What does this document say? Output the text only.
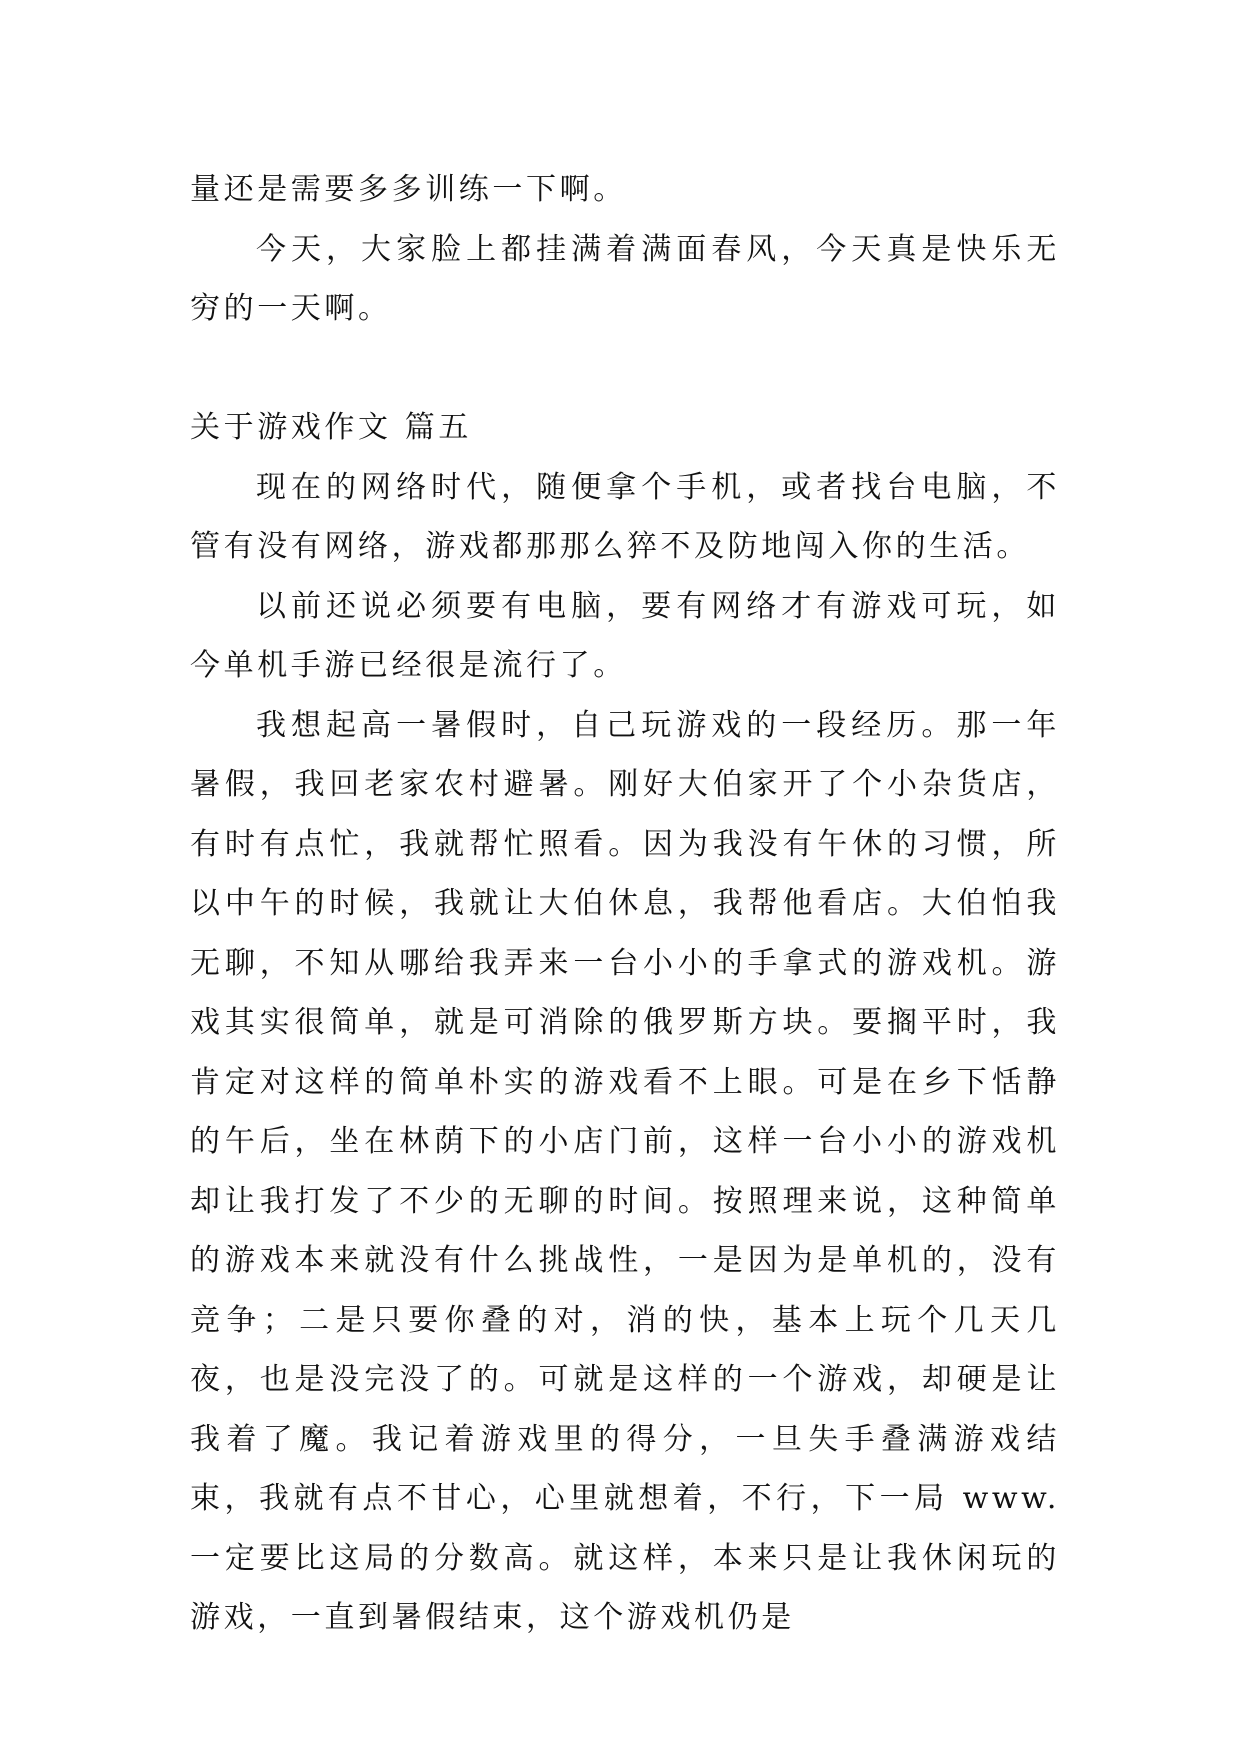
量还是需要多多训练一下啊。

今天，大家脸上都挂满着满面春风，今天真是快乐无穷的一天啊。

关于游戏作文 篇五

现在的网络时代，随便拿个手机，或者找台电脑，不管有没有网络，游戏都那那么猝不及防地闯入你的生活。

以前还说必须要有电脑，要有网络才有游戏可玩，如今单机手游已经很是流行了。

我想起高一暑假时，自己玩游戏的一段经历。那一年暑假，我回老家农村避暑。刚好大伯家开了个小杂货店，有时有点忙，我就帮忙照看。因为我没有午休的习惯，所以中午的时候，我就让大伯休息，我帮他看店。大伯怕我无聊，不知从哪给我弄来一台小小的手拿式的游戏机。游戏其实很简单，就是可消除的俄罗斯方块。要搁平时，我肯定对这样的简单朴实的游戏看不上眼。可是在乡下恬静的午后，坐在林荫下的小店门前，这样一台小小的游戏机却让我打发了不少的无聊的时间。按照理来说，这种简单的游戏本来就没有什么挑战性，一是因为是单机的，没有竞争；二是只要你叠的对，消的快，基本上玩个几天几夜，也是没完没了的。可就是这样的一个游戏，却硬是让我着了魔。我记着游戏里的得分，一旦失手叠满游戏结束，我就有点不甘心，心里就想着，不行，下一局 www. 一定要比这局的分数高。就这样，本来只是让我休闲玩的游戏，一直到暑假结束，这个游戏机仍是
